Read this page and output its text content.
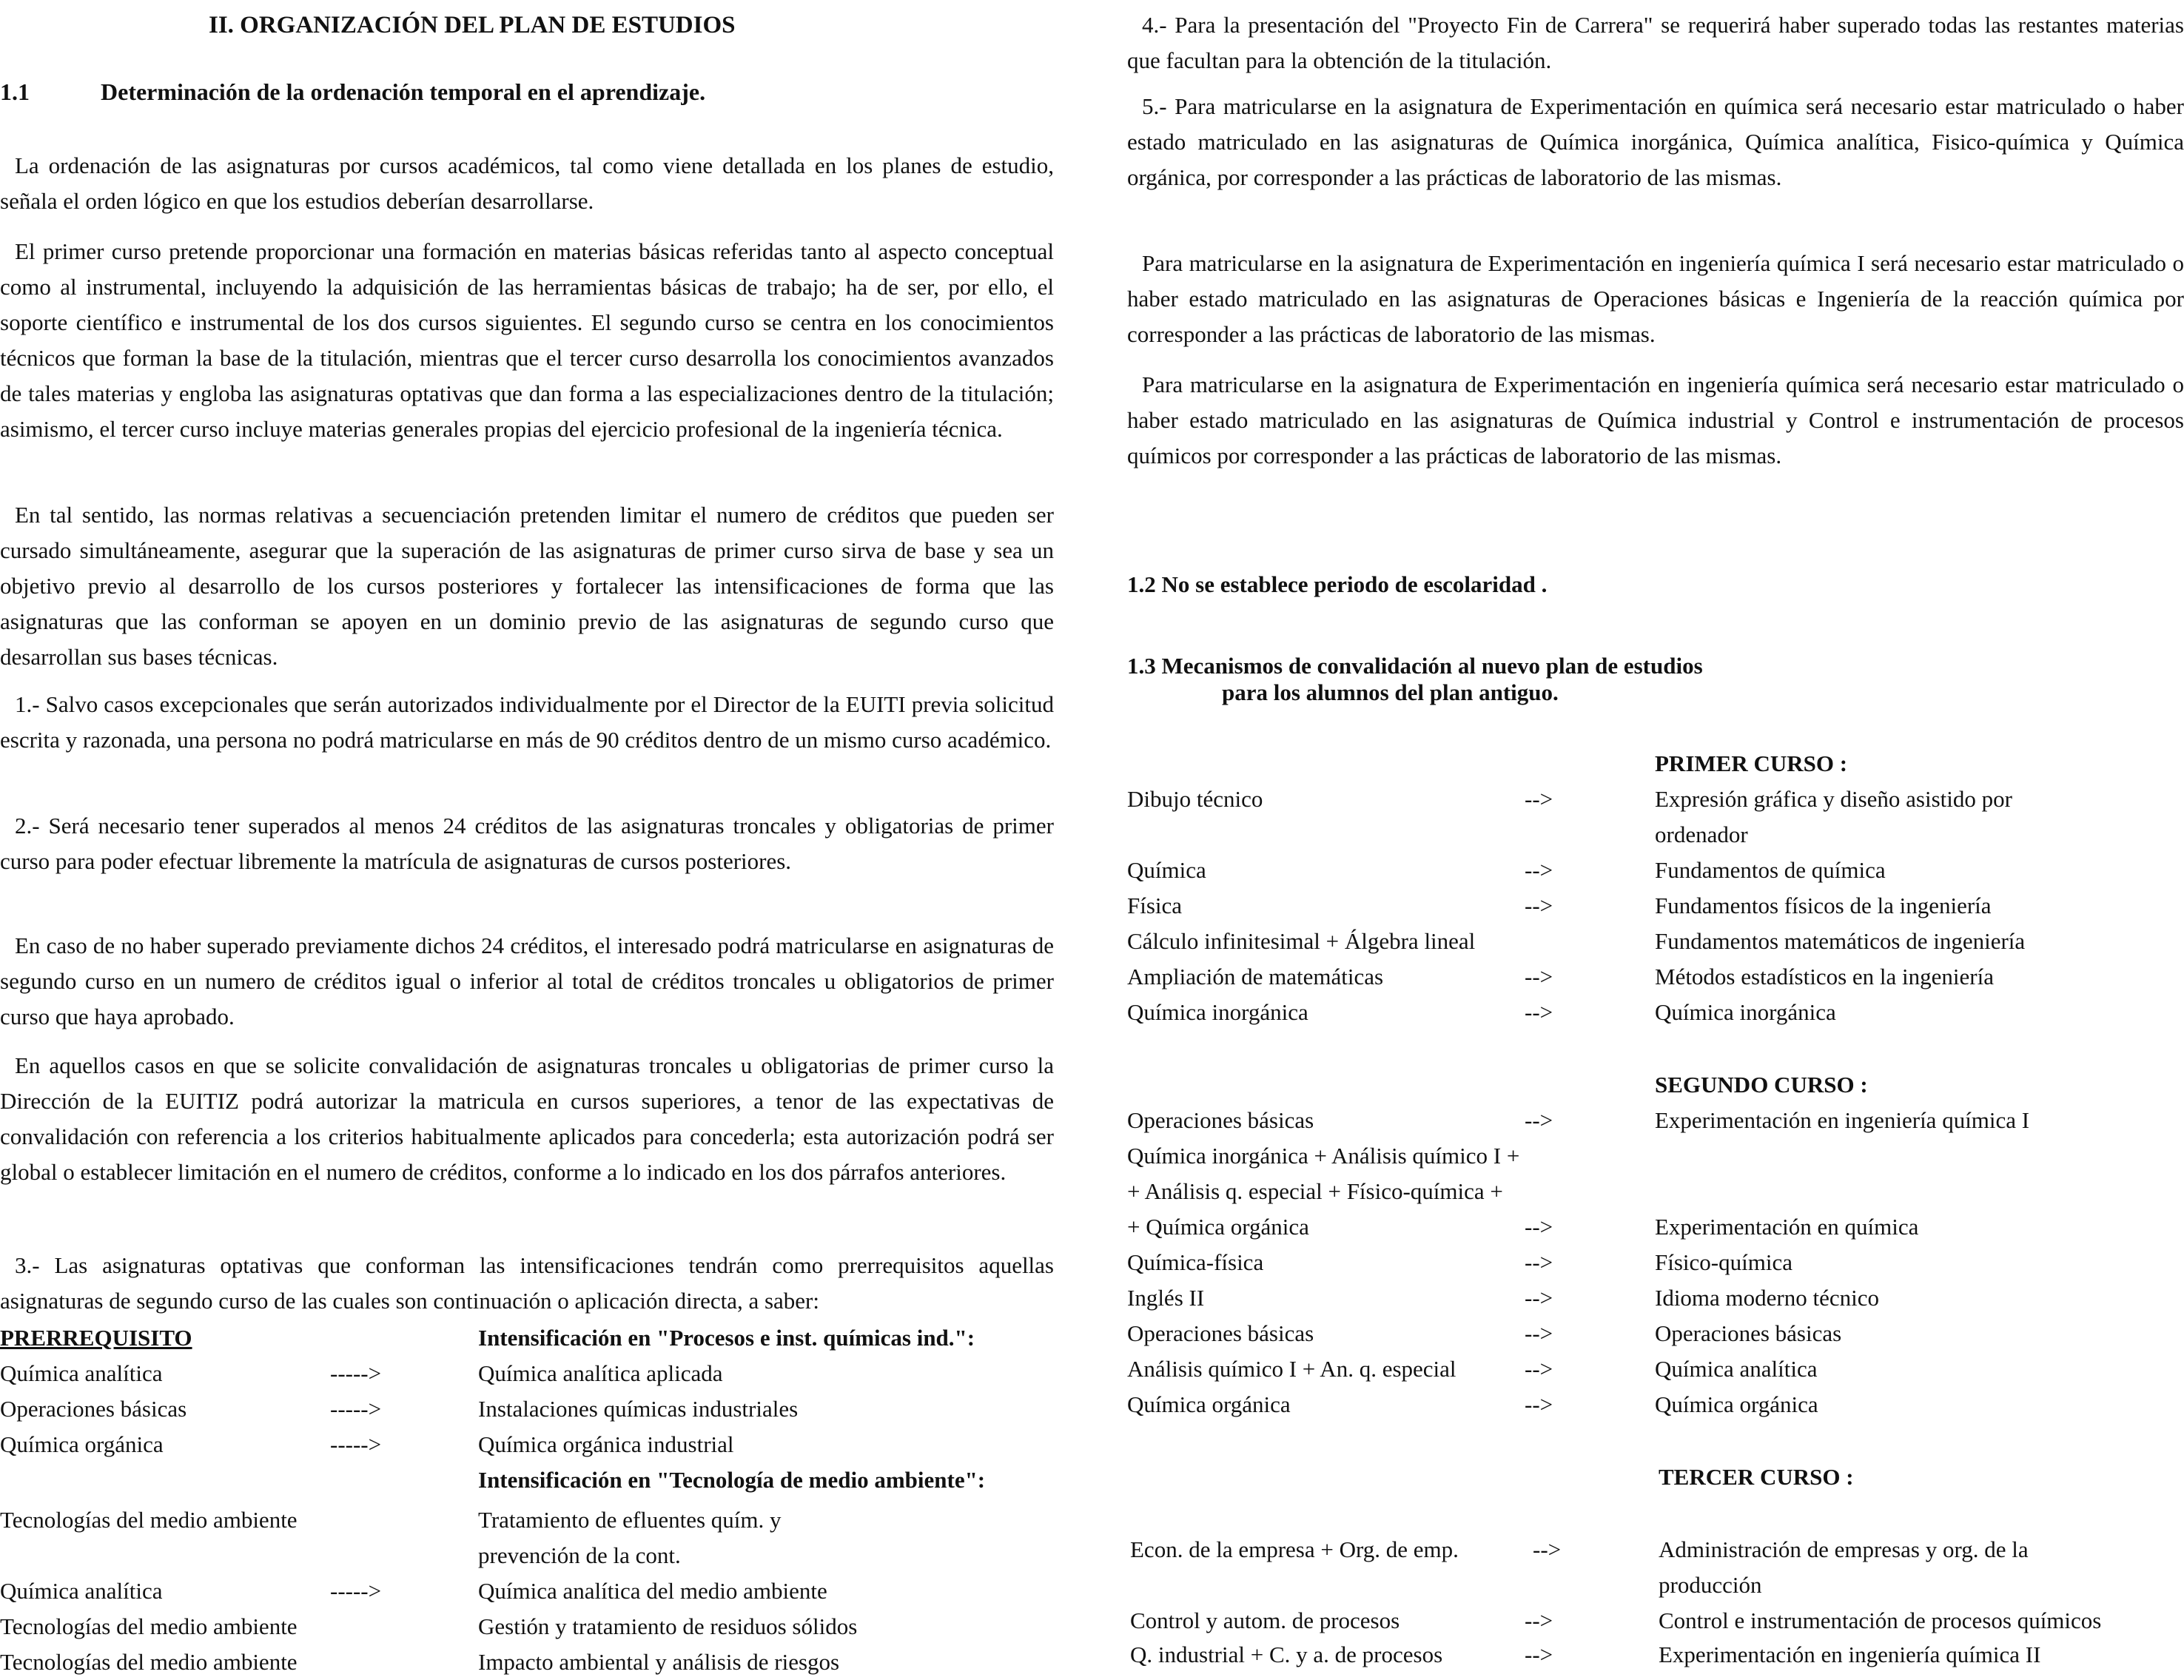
II. ORGANIZACIÓN DEL PLAN DE ESTUDIOS
1.1	Determinación de la ordenación temporal en el aprendizaje.

La ordenación de las asignaturas por cursos académicos, tal como viene detallada en los planes de estudio, señala el orden lógico en que los estudios deberían desarrollarse.

El primer curso pretende proporcionar una formación en materias básicas referidas tanto al aspecto conceptual como al instrumental, incluyendo la adquisición de las herramientas básicas de trabajo; ha de ser, por ello, el soporte científico e instrumental de los dos cursos siguientes. El segundo curso se centra en los conocimientos técnicos que forman la base de la titulación, mientras que el tercer curso desarrolla los conocimientos avanzados de tales materias y engloba las asignaturas optativas que dan forma a las especializaciones dentro de la titulación; asimismo, el tercer curso incluye materias generales propias del ejercicio profesional de la ingeniería técnica.

En tal sentido, las normas relativas a secuenciación pretenden limitar el numero de créditos que pueden ser cursado simultáneamente, asegurar que la superación de las asignaturas de primer curso sirva de base y sea un objetivo previo al desarrollo de los cursos posteriores y fortalecer las intensificaciones de forma que las asignaturas que las conforman se apoyen en un dominio previo de las asignaturas de segundo curso que desarrollan sus bases técnicas.

1.- Salvo casos excepcionales que serán autorizados individualmente por el Director de la EUITI previa solicitud escrita y razonada, una persona no podrá matricularse en más de 90 créditos dentro de un mismo curso académico.

2.- Será necesario tener superados al menos 24 créditos de las asignaturas troncales y obligatorias de primer curso para poder efectuar libremente la matrícula de asignaturas de cursos posteriores.

En caso de no haber superado previamente dichos 24 créditos, el interesado podrá matricularse en asignaturas de segundo curso en un numero de créditos igual o inferior al total de créditos troncales u obligatorios de primer curso que haya aprobado.

En aquellos casos en que se solicite convalidación de asignaturas troncales u obligatorias de primer curso la Dirección de la EUITIZ podrá autorizar la matricula en cursos superiores, a tenor de las expectativas de convalidación con referencia a los criterios habitualmente aplicados para concederla; esta autorización podrá ser global o establecer limitación en el numero de créditos, conforme a lo indicado en los dos párrafos anteriores.

3.- Las asignaturas optativas que conforman las intensificaciones tendrán como prerrequisitos aquellas asignaturas de segundo curso de las cuales son continuación o aplicación directa, a saber:

PRERREQUISITO	Intensificación en "Procesos e inst. químicas ind.":
Química analítica	----->	Química analítica aplicada
Operaciones básicas	----->	Instalaciones químicas industriales
Química orgánica	----->	Química orgánica industrial
Intensificación en "Tecnología de medio ambiente":
Tecnologías del medio ambiente	Tratamiento de efluentes quím. y
prevención de la cont.
Química analítica	----->	Química analítica del medio ambiente
Tecnologías del medio ambiente	Gestión y tratamiento de residuos sólidos
Tecnologías del medio ambiente	Impacto ambiental y análisis de riesgos

4.- Para la presentación del "Proyecto Fin de Carrera" se requerirá haber superado todas las restantes materias que facultan para la obtención de la titulación.

5.- Para matricularse en la asignatura de Experimentación en química será necesario estar matriculado o haber estado matriculado en las asignaturas de Química inorgánica, Química analítica, Fisico-química y Química orgánica, por corresponder a las prácticas de laboratorio de las mismas.

Para matricularse en la asignatura de Experimentación en ingeniería química I será necesario estar matriculado o haber estado matriculado en las asignaturas de Operaciones básicas e Ingeniería de la reacción química por corresponder a las prácticas de laboratorio de las mismas.

Para matricularse en la asignatura de Experimentación en ingeniería química será necesario estar matriculado o haber estado matriculado en las asignaturas de Química industrial y Control e instrumentación de procesos químicos por corresponder a las prácticas de laboratorio de las mismas.

1.2 No se establece periodo de escolaridad .
1.3 Mecanismos de convalidación al nuevo plan de estudios
para los alumnos del plan antiguo.
PRIMER CURSO :
Dibujo técnico	-->	Expresión gráfica y diseño asistido por
ordenador
Química	-->	Fundamentos de química
Física	-->	Fundamentos físicos de la ingeniería
Cálculo infinitesimal + Álgebra lineal	Fundamentos matemáticos de ingeniería
Ampliación de matemáticas	-->	Métodos estadísticos en la ingeniería
Química inorgánica	-->	Química inorgánica
SEGUNDO CURSO :
Operaciones básicas	-->	Experimentación en ingeniería química I
Química inorgánica + Análisis químico I +
+ Análisis q. especial + Físico-química +
+ Química orgánica	-->	Experimentación en química
Química-física	-->	Físico-química
Inglés II	-->	Idioma moderno técnico
Operaciones básicas	-->	Operaciones básicas
Análisis químico I + An. q. especial	-->	Química analítica
Química orgánica	-->	Química orgánica
TERCER CURSO :
Econ. de la empresa + Org. de emp.	-->	Administración de empresas y org. de la
producción
Control y autom. de procesos	-->	Control e instrumentación de procesos químicos
Q. industrial + C. y a. de procesos	-->	Experimentación en ingeniería química II
